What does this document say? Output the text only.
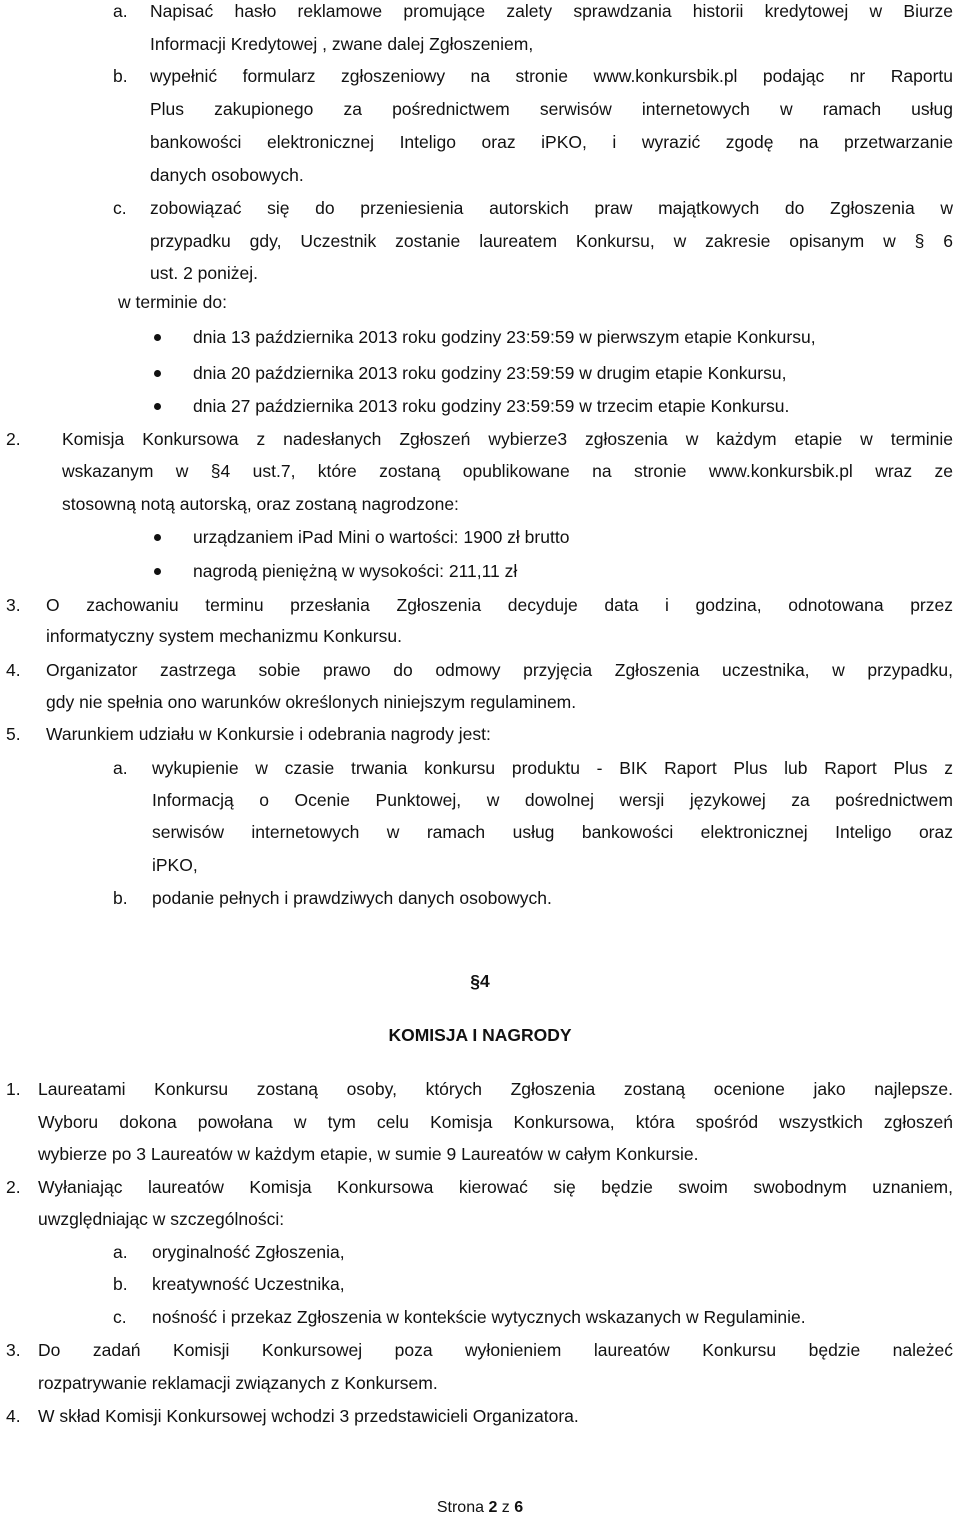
a. Napisać hasło reklamowe promujące zalety sprawdzania historii kredytowej w Biurze
Informacji Kredytowej , zwane dalej Zgłoszeniem,
b. wypełnić formularz zgłoszeniowy na stronie www.konkursbik.pl podając nr Raportu
Plus zakupionego za pośrednictwem serwisów internetowych w ramach usług
bankowości elektronicznej Inteligo oraz iPKO, i wyrazić zgodę na przetwarzanie
danych osobowych.
c. zobowiązać się do przeniesienia autorskich praw majątkowych do Zgłoszenia w
przypadku gdy, Uczestnik zostanie laureatem Konkursu, w zakresie opisanym w § 6
ust. 2 poniżej.
w terminie do:
dnia 13 października 2013 roku godziny 23:59:59 w pierwszym etapie Konkursu,
dnia 20 października 2013 roku godziny 23:59:59 w drugim etapie Konkursu,
dnia 27 października 2013 roku godziny 23:59:59 w trzecim etapie Konkursu.
2. Komisja Konkursowa z nadesłanych Zgłoszeń wybierze3 zgłoszenia w każdym etapie w terminie
wskazanym w §4 ust.7, które zostaną opublikowane na stronie www.konkursbik.pl wraz ze
stosowną notą autorską, oraz zostaną nagrodzone:
urządzaniem iPad Mini o wartości: 1900 zł brutto
nagrodą pieniężną w wysokości: 211,11 zł
3. O zachowaniu terminu przesłania Zgłoszenia decyduje data i godzina, odnotowana przez
informatyczny system mechanizmu Konkursu.
4. Organizator zastrzega sobie prawo do odmowy przyjęcia Zgłoszenia uczestnika, w przypadku,
gdy nie spełnia ono warunków określonych niniejszym regulaminem.
5. Warunkiem udziału w Konkursie i odebrania nagrody jest:
a. wykupienie w czasie trwania konkursu produktu - BIK Raport Plus lub Raport Plus z
Informacją o Ocenie Punktowej, w dowolnej wersji językowej za pośrednictwem
serwisów internetowych w ramach usług bankowości elektronicznej Inteligo oraz
iPKO,
b. podanie pełnych i prawdziwych danych osobowych.
§4
KOMISJA I NAGRODY
1. Laureatami Konkursu zostaną osoby, których Zgłoszenia zostaną ocenione jako najlepsze.
Wyboru dokona powołana w tym celu Komisja Konkursowa, która spośród wszystkich zgłoszeń
wybierze po 3 Laureatów w każdym etapie, w sumie 9 Laureatów w całym Konkursie.
2. Wyłaniając laureatów Komisja Konkursowa kierować się będzie swoim swobodnym uznaniem,
uwzględniając w szczególności:
a. oryginalność Zgłoszenia,
b. kreatywność Uczestnika,
c. nośność i przekaz Zgłoszenia w kontekście wytycznych wskazanych w Regulaminie.
3. Do zadań Komisji Konkursowej poza wyłonieniem laureatów Konkursu będzie należeć
rozpatrywanie reklamacji związanych z Konkursem.
4. W skład Komisji Konkursowej wchodzi 3 przedstawicieli Organizatora.
Strona 2 z 6
